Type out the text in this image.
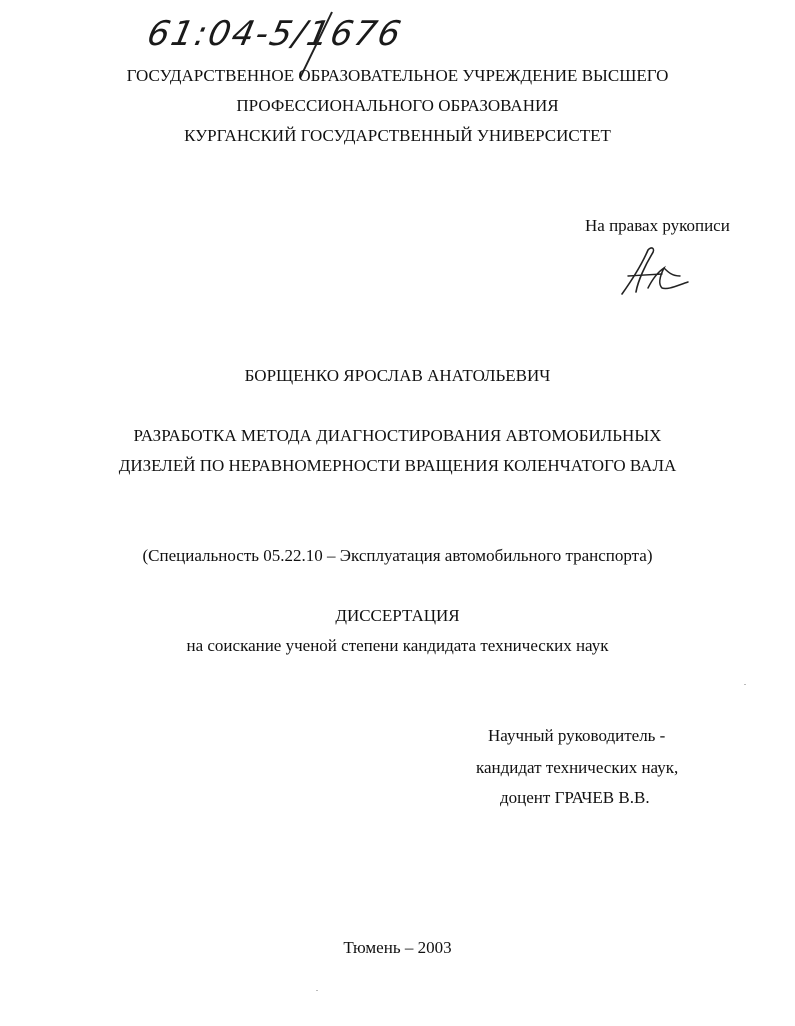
61:04-5/1676
ГОСУДАРСТВЕННОЕ ОБРАЗОВАТЕЛЬНОЕ УЧРЕЖДЕНИЕ ВЫСШЕГО
ПРОФЕССИОНАЛЬНОГО ОБРАЗОВАНИЯ
КУРГАНСКИЙ ГОСУДАРСТВЕННЫЙ УНИВЕРСИСТЕТ
На правах рукописи
БОРЩЕНКО ЯРОСЛАВ АНАТОЛЬЕВИЧ
РАЗРАБОТКА МЕТОДА ДИАГНОСТИРОВАНИЯ АВТОМОБИЛЬНЫХ
ДИЗЕЛЕЙ ПО НЕРАВНОМЕРНОСТИ ВРАЩЕНИЯ КОЛЕНЧАТОГО ВАЛА
(Специальность 05.22.10 – Эксплуатация автомобильного транспорта)
ДИССЕРТАЦИЯ
на соискание ученой степени кандидата технических наук
Научный руководитель -
кандидат технических наук,
доцент ГРАЧЕВ В.В.
Тюмень – 2003
